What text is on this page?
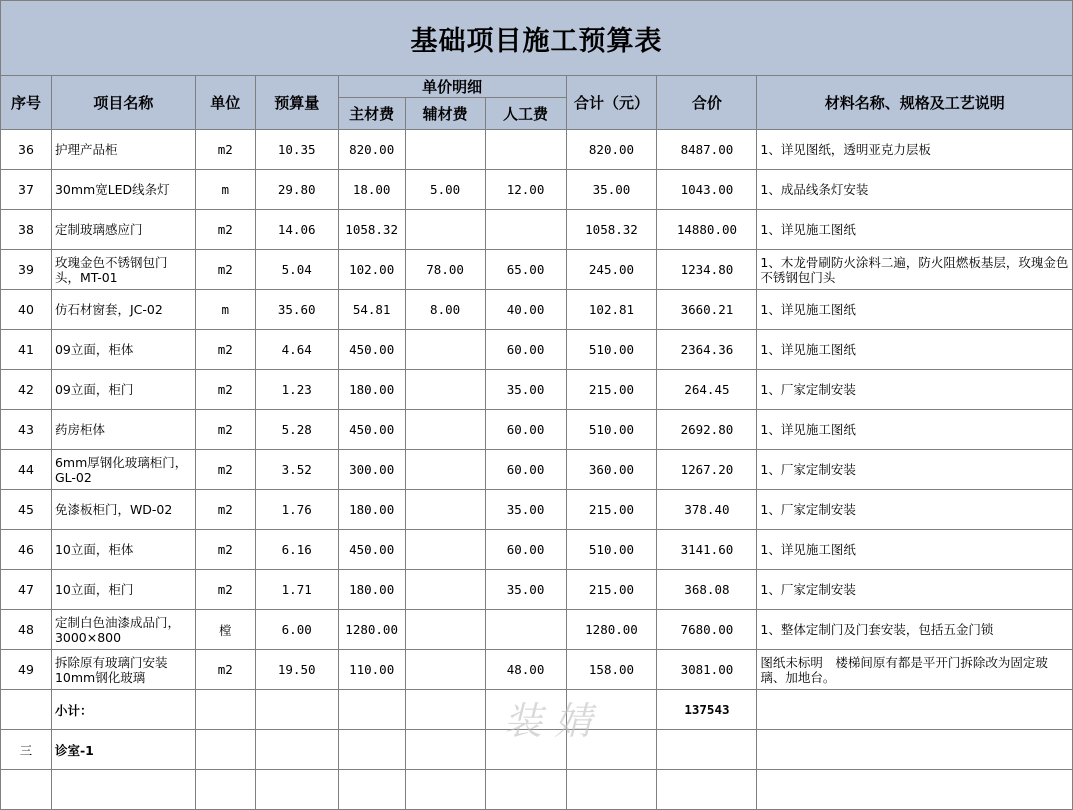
基础项目施工预算表									
序号	项目名称	单位	预算量	单价明细			合计（元）	合价	材料名称、规格及工艺说明
				主材费	辅材费	人工费			
36	护理产品柜	m2	10.35	820.00			820.00	8487.00	1、详见图纸，透明亚克力层板
37	30mm宽LED线条灯	m	29.80	18.00	5.00	12.00	35.00	1043.00	1、成品线条灯安装
38	定制玻璃感应门	m2	14.06	1058.32			1058.32	14880.00	1、详见施工图纸
39	玫瑰金色不锈钢包门头，MT-01	m2	5.04	102.00	78.00	65.00	245.00	1234.80	1、木龙骨刷防火涂料二遍，防火阻燃板基层，玫瑰金色不锈钢包门头
40	仿石材窗套，JC-02	m	35.60	54.81	8.00	40.00	102.81	3660.21	1、详见施工图纸
41	09立面，柜体	m2	4.64	450.00		60.00	510.00	2364.36	1、详见施工图纸
42	09立面，柜门	m2	1.23	180.00		35.00	215.00	264.45	1、厂家定制安装
43	药房柜体	m2	5.28	450.00		60.00	510.00	2692.80	1、详见施工图纸
44	6mm厚钢化玻璃柜门，GL-02	m2	3.52	300.00		60.00	360.00	1267.20	1、厂家定制安装
45	免漆板柜门，WD-02	m2	1.76	180.00		35.00	215.00	378.40	1、厂家定制安装
46	10立面，柜体	m2	6.16	450.00		60.00	510.00	3141.60	1、详见施工图纸
47	10立面，柜门	m2	1.71	180.00		35.00	215.00	368.08	1、厂家定制安装
48	定制白色油漆成品门，3000×800	樘	6.00	1280.00			1280.00	7680.00	1、整体定制门及门套安装，包括五金门锁
49	拆除原有玻璃门安装10mm钢化玻璃	m2	19.50	110.00		48.00	158.00	3081.00	图纸未标明　楼梯间原有都是平开门拆除改为固定玻璃、加地台。
	小计：							137543	
三	诊室-1								

装 婧
